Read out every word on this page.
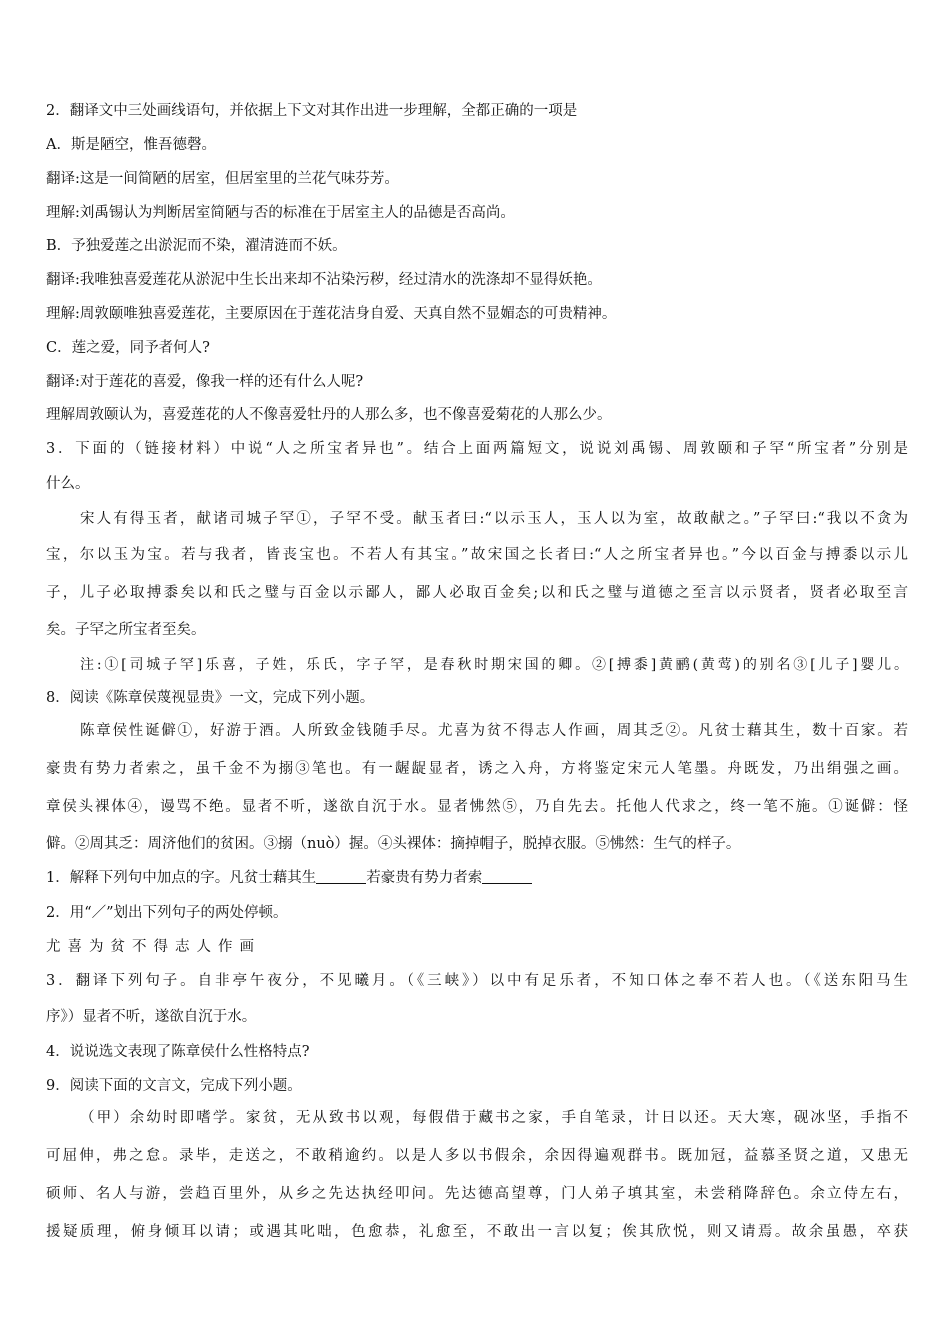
2．翻译文中三处画线语句，并依据上下文对其作出进一步理解，全都正确的一项是
A．斯是陋空，惟吾德磬。
翻译:这是一间简陋的居室，但居室里的兰花气味芬芳。
理解:刘禹锡认为判断居室简陋与否的标准在于居室主人的品德是否高尚。
B．予独爱莲之出淤泥而不染，濯清涟而不妖。
翻译:我唯独喜爱莲花从淤泥中生长出来却不沾染污秽，经过清水的洗涤却不显得妖艳。
理解:周敦颐唯独喜爱莲花，主要原因在于莲花洁身自爱、天真自然不显媚态的可贵精神。
C．莲之爱，同予者何人?
翻译:对于莲花的喜爱，像我一样的还有什么人呢?
理解周敦颐认为，喜爱莲花的人不像喜爱牡丹的人那么多，也不像喜爱菊花的人那么少。
3．下面的（链接材料）中说“人之所宝者异也”。结合上面两篇短文，说说刘禹锡、周敦颐和子罕“所宝者”分别是
什么。
宋人有得玉者，献诸司城子罕①，子罕不受。献玉者曰:“以示玉人，玉人以为室，故敢献之。”子罕曰:“我以不贪为
宝，尔以玉为宝。若与我者，皆丧宝也。不若人有其宝。”故宋国之长者曰:“人之所宝者异也。”今以百金与搏黍以示儿
子，儿子必取搏黍矣以和氏之璧与百金以示鄙人，鄙人必取百金矣;以和氏之璧与道德之至言以示贤者，贤者必取至言
矣。子罕之所宝者至矣。
注:①[司城子罕]乐喜，子姓，乐氏，字子罕，是春秋时期宋国的卿。②[搏黍]黄鹂(黄莺)的别名③[儿子]婴儿。
8．阅读《陈章侯蔑视显贵》一文，完成下列小题。
陈章侯性诞僻①，好游于酒。人所致金钱随手尽。尤喜为贫不得志人作画，周其乏②。凡贫士藉其生，数十百家。若
豪贵有势力者索之，虽千金不为搦③笔也。有一龌龊显者，诱之入舟，方将鉴定宋元人笔墨。舟既发，乃出绢强之画。
章侯头裸体④，谩骂不绝。显者不听，遂欲自沉于水。显者怫然⑤，乃自先去。托他人代求之，终一笔不施。①诞僻：怪
僻。②周其乏：周济他们的贫困。③搦（nuò）握。④头裸体：摘掉帽子，脱掉衣服。⑤怫然：生气的样子。
1．解释下列句中加点的字。凡贫士藉其生	若豪贵有势力者索
2．用“／”划出下列句子的两处停顿。
尤喜为贫不得志人作画
3．翻译下列句子。自非亭午夜分，不见曦月。（《三峡》）以中有足乐者，不知口体之奉不若人也。（《送东阳马生
序》）显者不听，遂欲自沉于水。
4．说说选文表现了陈章侯什么性格特点?
9．阅读下面的文言文，完成下列小题。
（甲）余幼时即嗜学。家贫，无从致书以观，每假借于藏书之家，手自笔录，计日以还。天大寒，砚冰坚，手指不
可屈伸，弗之怠。录毕，走送之，不敢稍逾约。以是人多以书假余，余因得遍观群书。既加冠，益慕圣贤之道，又患无
硕师、名人与游，尝趋百里外，从乡之先达执经叩问。先达德高望尊，门人弟子填其室，未尝稍降辞色。余立侍左右，
援疑质理，俯身倾耳以请；或遇其叱咄，色愈恭，礼愈至，不敢出一言以复；俟其欣悦，则又请焉。故余虽愚，卒获
